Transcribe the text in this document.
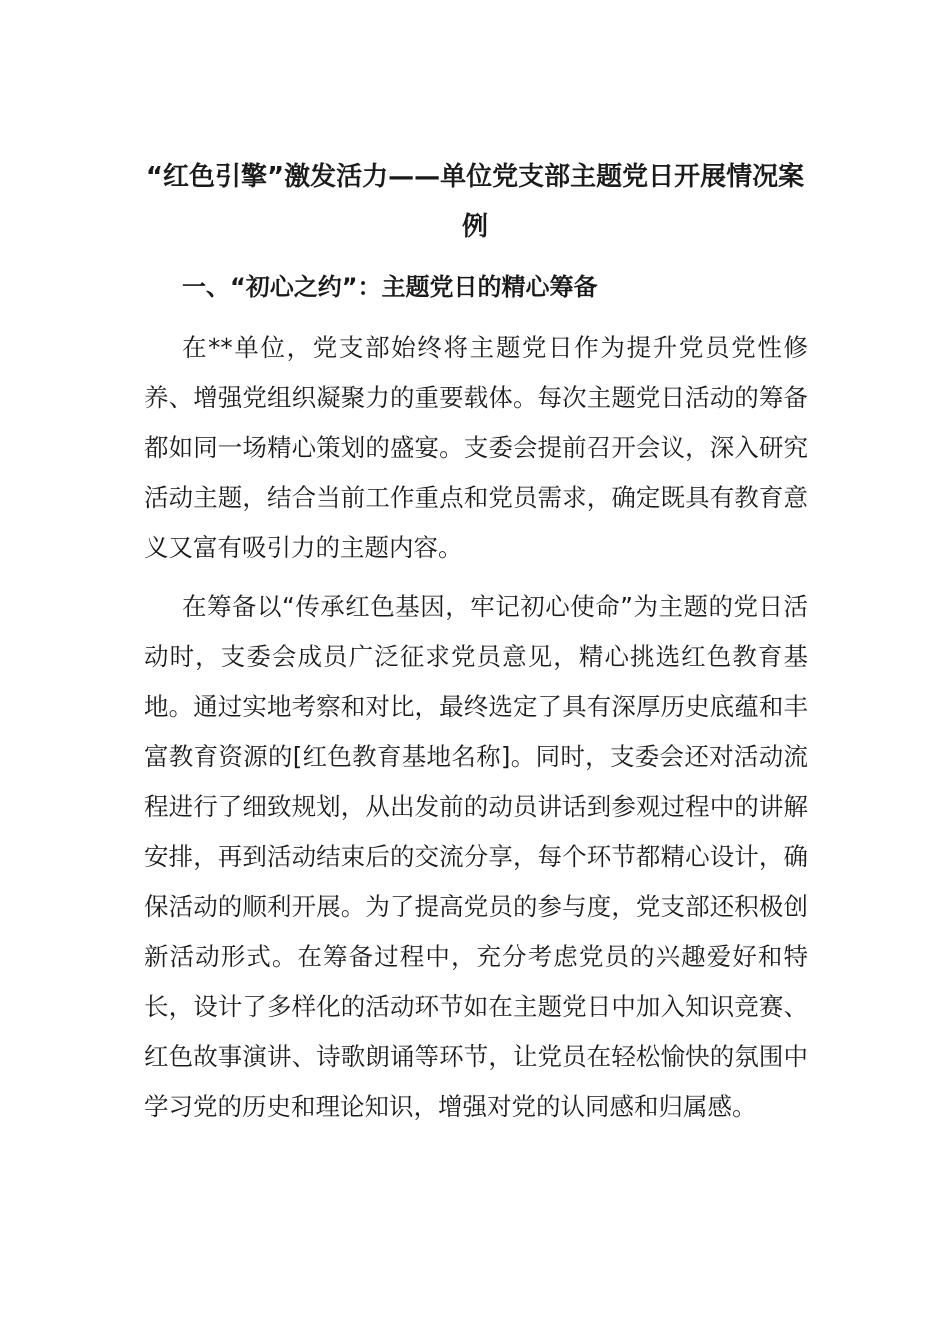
“红色引擎”激发活力——单位党支部主题党日开展情况案例
一、“初心之约”：主题党日的精心筹备

在**单位，党支部始终将主题党日作为提升党员党性修养、增强党组织凝聚力的重要载体。每次主题党日活动的筹备都如同一场精心策划的盛宴。支委会提前召开会议，深入研究活动主题，结合当前工作重点和党员需求，确定既具有教育意义又富有吸引力的主题内容。

在筹备以“传承红色基因，牢记初心使命”为主题的党日活动时，支委会成员广泛征求党员意见，精心挑选红色教育基地。通过实地考察和对比，最终选定了具有深厚历史底蕴和丰富教育资源的[红色教育基地名称]。同时，支委会还对活动流程进行了细致规划，从出发前的动员讲话到参观过程中的讲解安排，再到活动结束后的交流分享，每个环节都精心设计，确保活动的顺利开展。为了提高党员的参与度，党支部还积极创新活动形式。在筹备过程中，充分考虑党员的兴趣爱好和特长，设计了多样化的活动环节如在主题党日中加入知识竞赛、红色故事演讲、诗歌朗诵等环节，让党员在轻松愉快的氛围中学习党的历史和理论知识，增强对党的认同感和归属感。
